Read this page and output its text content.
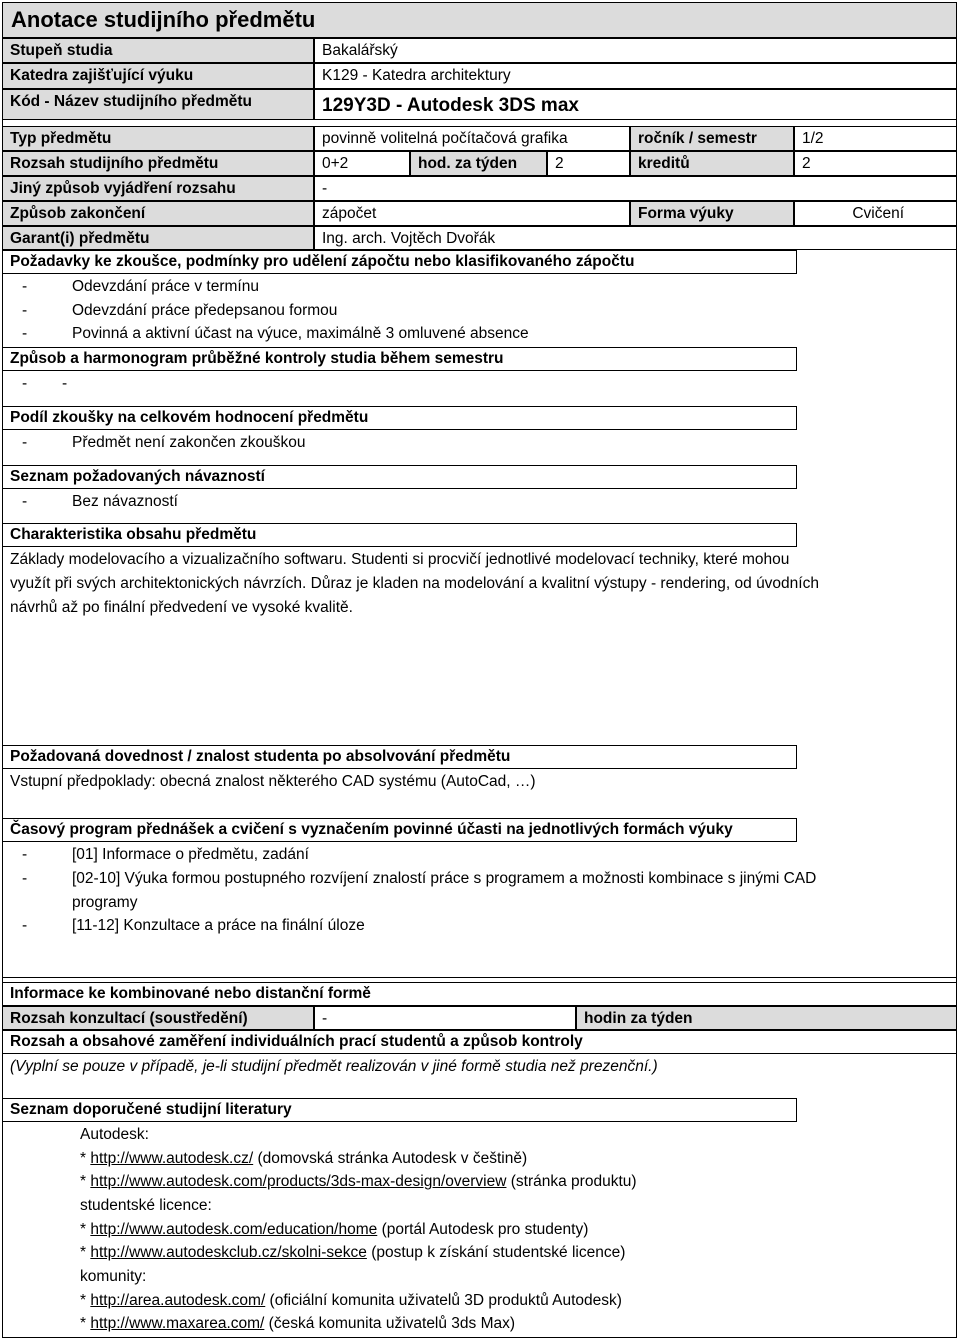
Anotace studijního předmětu
Stupeň studia	Bakalářský
Katedra zajišťující výuku	K129 - Katedra architektury
Kód - Název studijního předmětu	129Y3D - Autodesk 3DS max
Typ předmětu	povinně volitelná počítačová grafika	ročník / semestr	1/2
Rozsah studijního předmětu	0+2	hod. za týden	2	kreditů	2
Jiný způsob vyjádření rozsahu	-
Způsob zakončení	zápočet	Forma výuky	Cvičení
Garant(i) předmětu	Ing. arch. Vojtěch Dvořák
Požadavky ke zkoušce, podmínky pro udělení zápočtu nebo klasifikovaného zápočtu
-	Odevzdání práce v termínu
-	Odevzdání práce předepsanou formou
-	Povinná a aktivní účast na výuce, maximálně 3 omluvené absence
Způsob a harmonogram průběžné kontroly studia během semestru
- -
Podíl zkoušky na celkovém hodnocení předmětu
-	Předmět není zakončen zkouškou
Seznam požadovaných návazností
-	Bez návazností
Charakteristika obsahu předmětu
Základy modelovacího a vizualizačního softwaru. Studenti si procvičí jednotlivé modelovací techniky, které mohou
využít při svých architektonických návrzích. Důraz je kladen na modelování a kvalitní výstupy - rendering, od úvodních
návrhů až po finální předvedení ve vysoké kvalitě.
Požadovaná dovednost / znalost studenta po absolvování předmětu
Vstupní předpoklady: obecná znalost některého CAD systému (AutoCad, …)
Časový program přednášek a cvičení s vyznačením povinné účasti na jednotlivých formách výuky
-	[01] Informace o předmětu, zadání
-	[02-10] Výuka formou postupného rozvíjení znalostí práce s programem a možnosti kombinace s jinými CAD
programy
-	[11-12] Konzultace a práce na finální úloze
Informace ke kombinované nebo distanční formě
Rozsah konzultací (soustředění)	-	hodin za týden
Rozsah a obsahové zaměření individuálních prací studentů a způsob kontroly
(Vyplní se pouze v případě, je-li studijní předmět realizován v jiné formě studia než prezenční.)
Seznam doporučené studijní literatury
Autodesk:
* http://www.autodesk.cz/ (domovská stránka Autodesk v češtině)
* http://www.autodesk.com/products/3ds-max-design/overview (stránka produktu)
studentské licence:
* http://www.autodesk.com/education/home (portál Autodesk pro studenty)
* http://www.autodeskclub.cz/skolni-sekce (postup k získání studentské licence)
komunity:
* http://area.autodesk.com/ (oficiální komunita uživatelů 3D produktů Autodesk)
* http://www.maxarea.com/ (česká komunita uživatelů 3ds Max)
